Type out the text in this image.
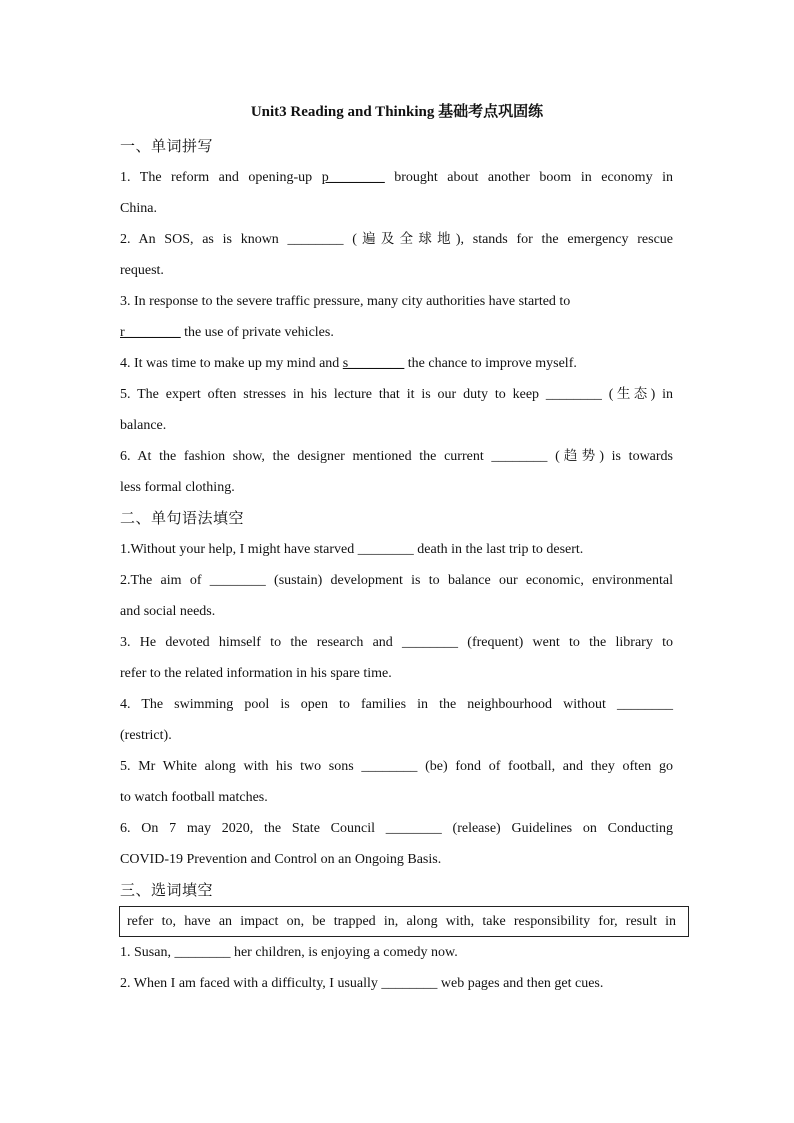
Unit3 Reading and Thinking 基础考点巩固练
一、单词拼写
1. The reform and opening-up p________ brought about another boom in economy in
China.
2. An SOS, as is known ________ (遍及全球地), stands for the emergency rescue
request.
3. In response to the severe traffic pressure, many city authorities have started to
r________ the use of private vehicles.
4. It was time to make up my mind and s________ the chance to improve myself.
5. The expert often stresses in his lecture that it is our duty to keep ________ (生态) in
balance.
6. At the fashion show, the designer mentioned the current ________ (趋势) is towards
less formal clothing.
二、单句语法填空
1.Without your help, I might have starved ________ death in the last trip to desert.
2.The aim of ________ (sustain) development is to balance our economic, environmental
and social needs.
3. He devoted himself to the research and ________ (frequent) went to the library to
refer to the related information in his spare time.
4. The swimming pool is open to families in the neighbourhood without ________
(restrict).
5. Mr White along with his two sons ________ (be) fond of football, and they often go
to watch football matches.
6. On 7 may 2020, the State Council ________ (release) Guidelines on Conducting
COVID-19 Prevention and Control on an Ongoing Basis.
三、选词填空
refer to, have an impact on, be trapped in, along with, take responsibility for, result in
1. Susan, ________ her children, is enjoying a comedy now.
2. When I am faced with a difficulty, I usually ________ web pages and then get cues.
